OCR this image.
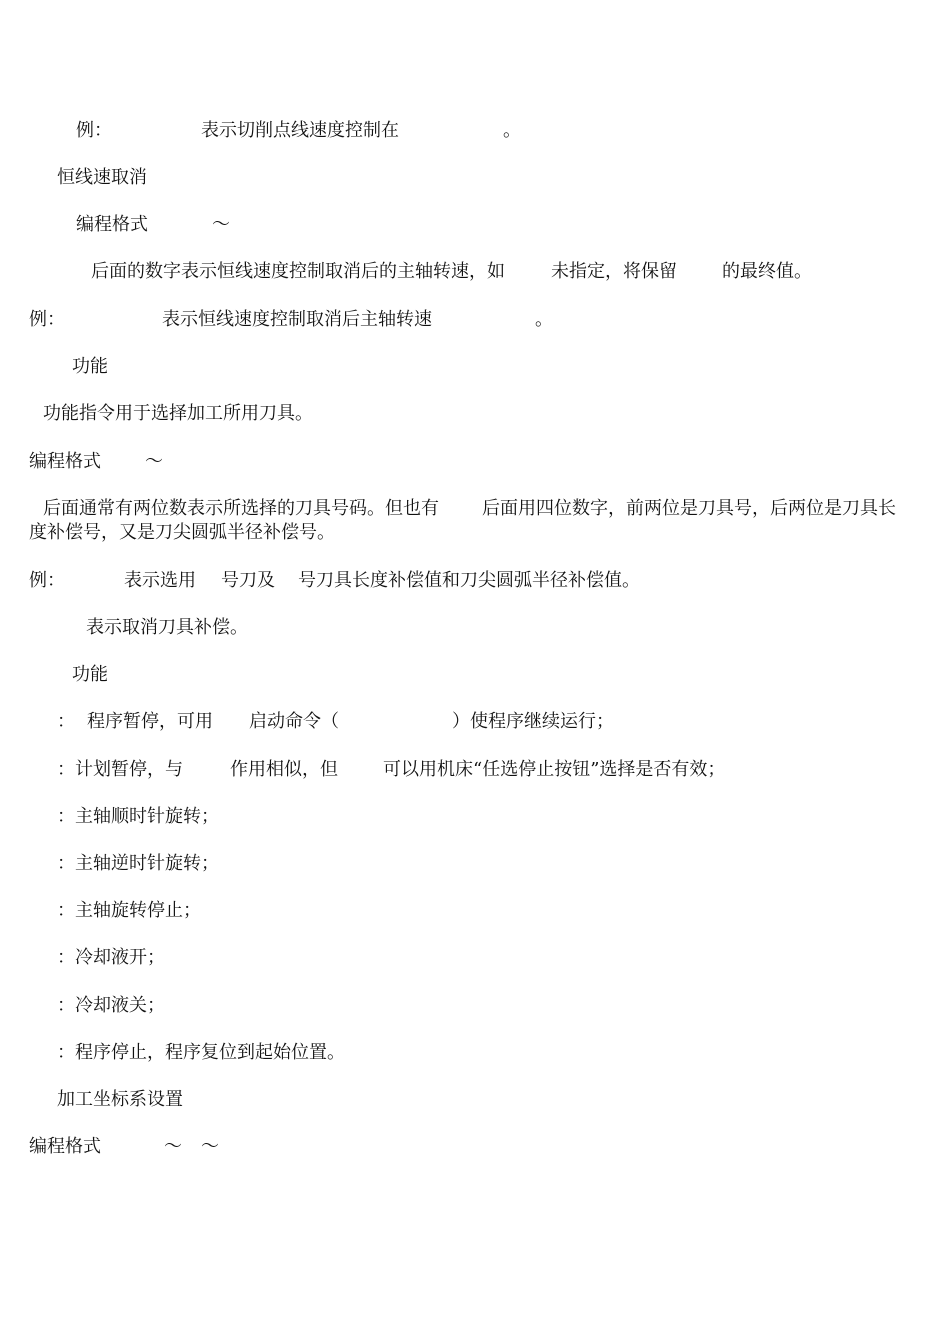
例：	表示切削点线速度控制在	。
恒线速取消
编程格式	～
后面的数字表示恒线速度控制取消后的主轴转速，如	未指定，将保留	的最终值。
例：	表示恒线速度控制取消后主轴转速	。
功能
功能指令用于选择加工所用刀具。
编程格式 ～
后面通常有两位数表示所选择的刀具号码。但也有 后面用四位数字，前两位是刀具号，后两位是刀具长
度补偿号，又是刀尖圆弧半径补偿号。
例：	表示选用 号刀及 号刀具长度补偿值和刀尖圆弧半径补偿值。
表示取消刀具补偿。
功能
： 程序暂停，可用 启动命令（	）使程序继续运行；
：计划暂停，与	作用相似，但	可以用机床“任选停止按钮”选择是否有效；
：主轴顺时针旋转；
：主轴逆时针旋转；
：主轴旋转停止；
：冷却液开；
：冷却液关；
：程序停止，程序复位到起始位置。
加工坐标系设置
编程格式	～ ～
